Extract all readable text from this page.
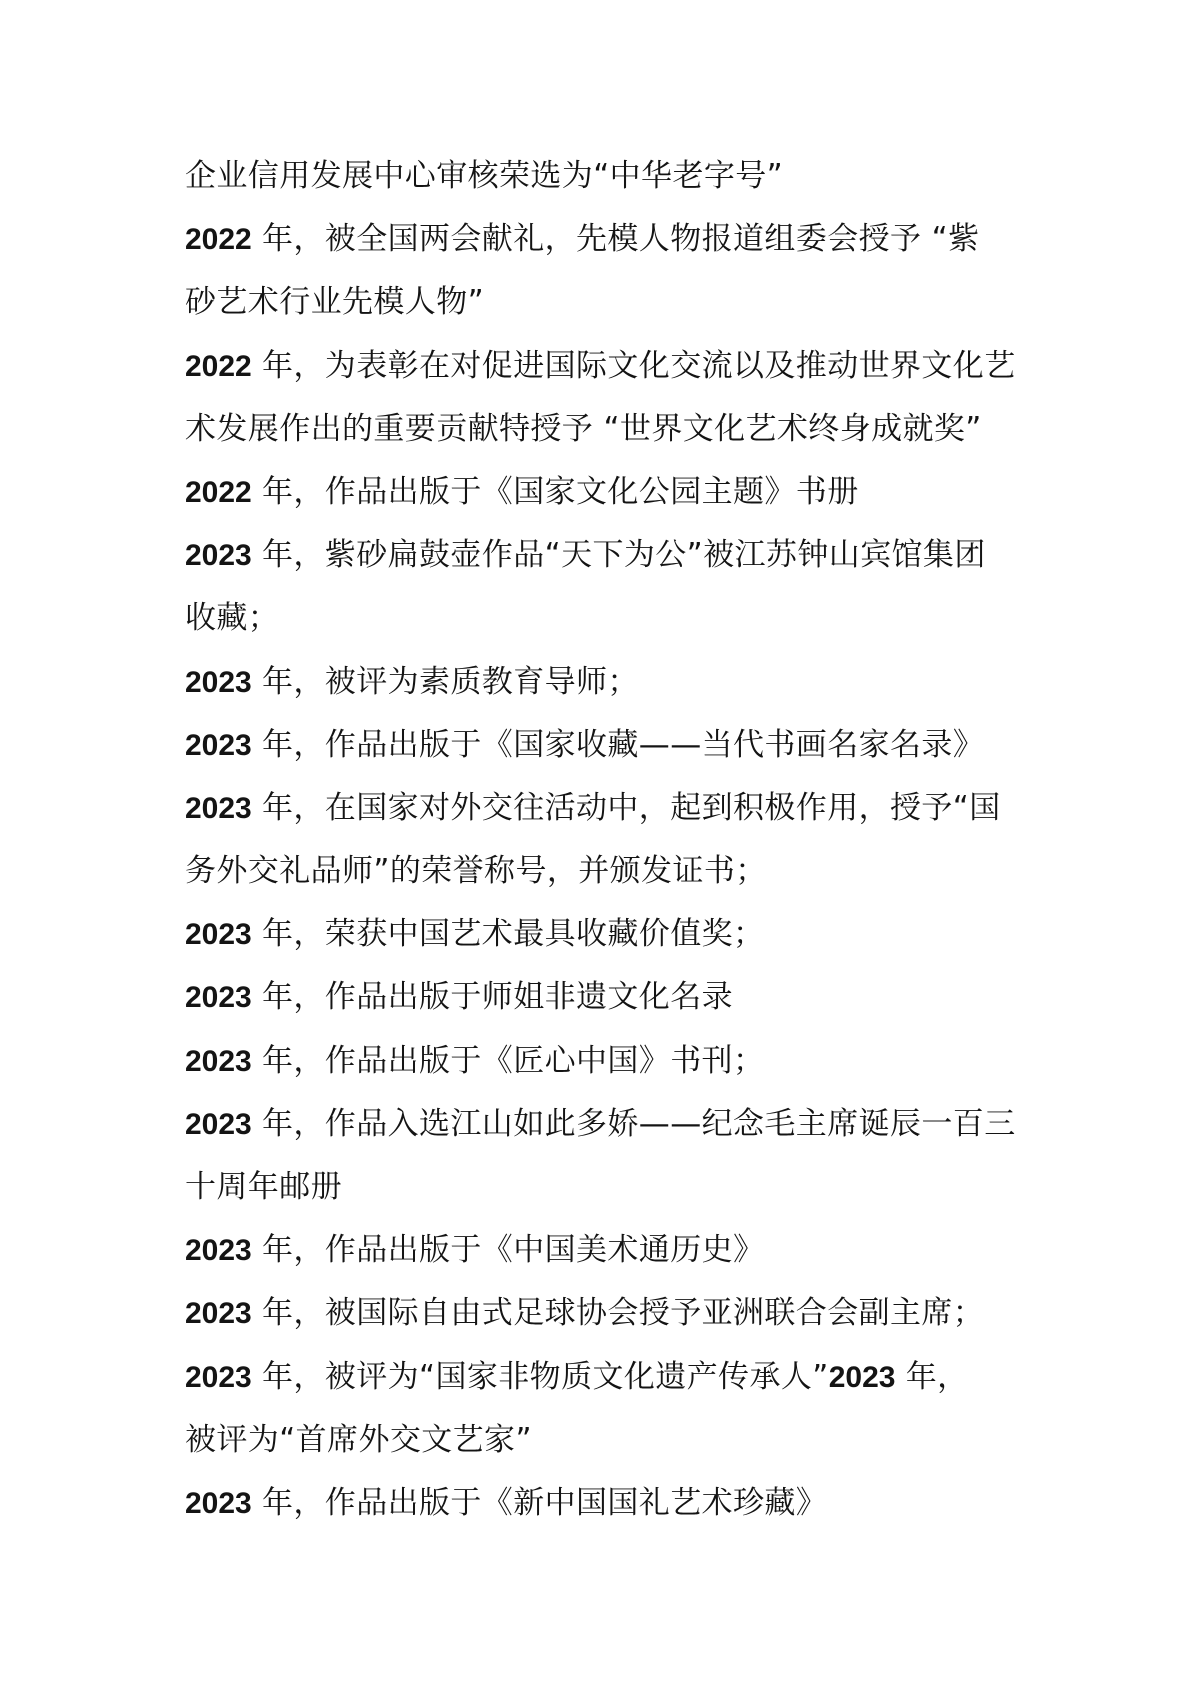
企业信用发展中心审核荣选为“中华老字号”

2022 年，被全国两会献礼，先模人物报道组委会授予 “紫

砂艺术行业先模人物”

2022 年，为表彰在对促进国际文化交流以及推动世界文化艺

术发展作出的重要贡献特授予 “世界文化艺术终身成就奖”

2022 年，作品出版于《国家文化公园主题》书册

2023 年，紫砂扁鼓壶作品“天下为公”被江苏钟山宾馆集团

收藏；

2023 年，被评为素质教育导师；

2023 年，作品出版于《国家收藏——当代书画名家名录》

2023 年，在国家对外交往活动中，起到积极作用，授予“国

务外交礼品师”的荣誉称号，并颁发证书；

2023 年，荣获中国艺术最具收藏价值奖；

2023 年，作品出版于师姐非遗文化名录

2023 年，作品出版于《匠心中国》书刊；

2023 年，作品入选江山如此多娇——纪念毛主席诞辰一百三

十周年邮册

2023 年，作品出版于《中国美术通历史》

2023 年，被国际自由式足球协会授予亚洲联合会副主席；

2023 年，被评为“国家非物质文化遗产传承人”2023 年，

被评为“首席外交文艺家”

2023 年，作品出版于《新中国国礼艺术珍藏》
